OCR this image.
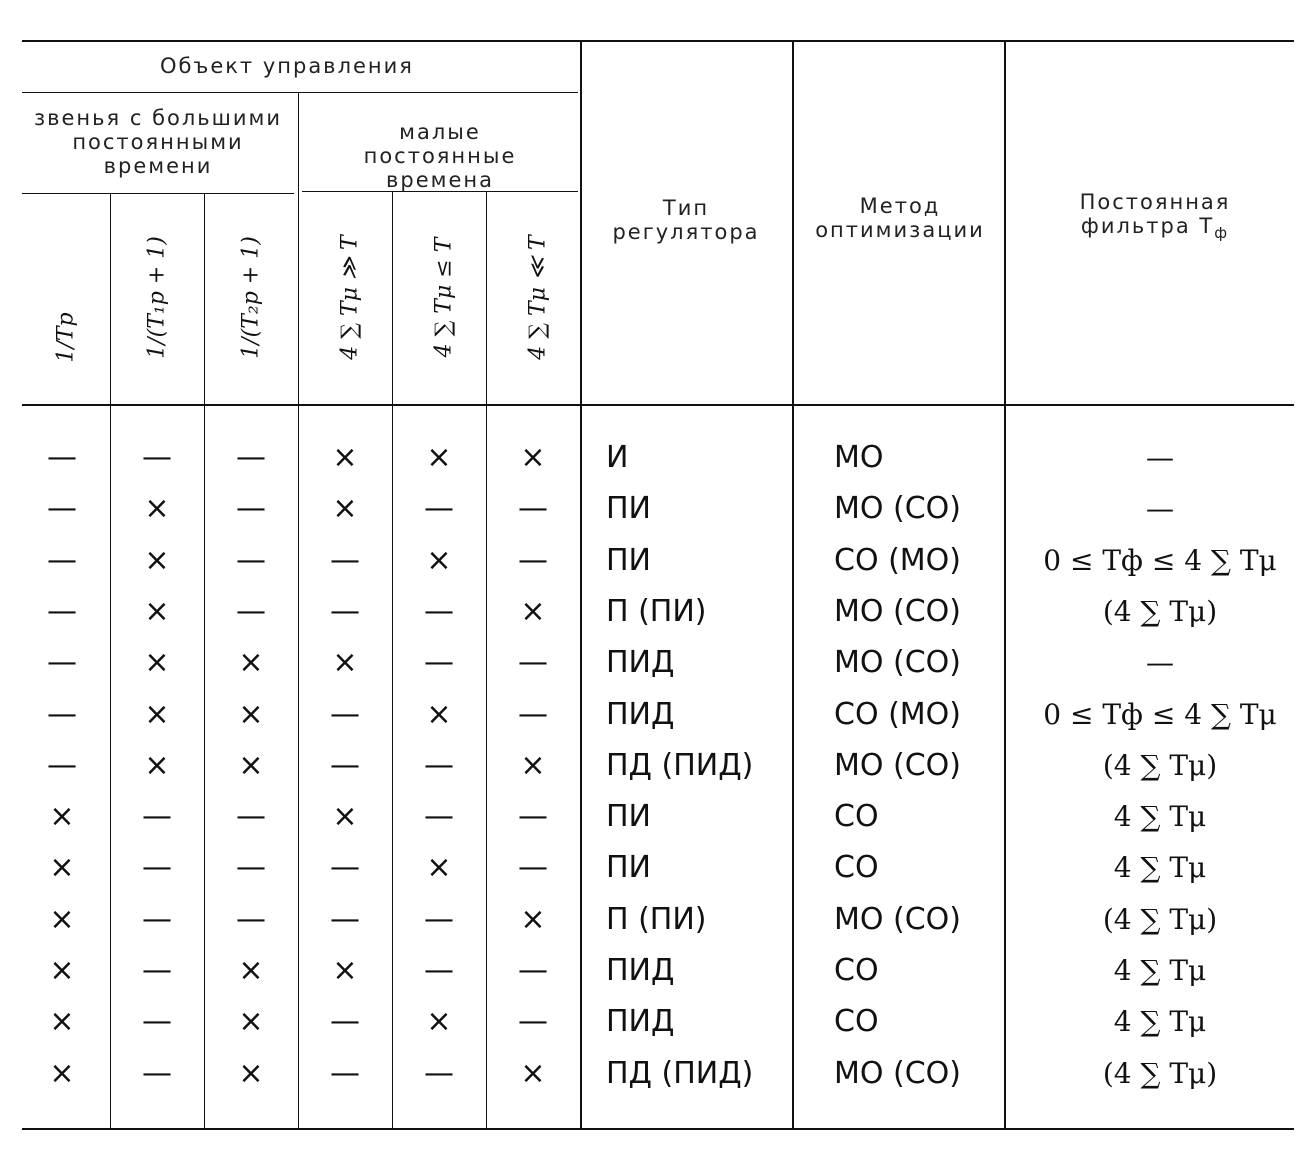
Объект управления
звенья с большими постоянными времени
малые постоянные времена
Тип регулятора
Метод оптимизации
Постоянная фильтра $T_ф$
1/Tp	1/(T₁p + 1)	1/(T₂p + 1)	4 ∑ Tμ ≫ T	4 ∑ Tμ ≤ T	4 ∑ Tμ ≪ T
—	—	—	×	×	×	И	МО	—
—	×	—	×	—	—	ПИ	МО (СО)	—
—	×	—	—	×	—	ПИ	СО (МО)	0 ≤ Tф ≤ 4 ∑ Tμ
—	×	—	—	—	×	П (ПИ)	МО (СО)	(4 ∑ Tμ)
—	×	×	×	—	—	ПИД	МО (СО)	—
—	×	×	—	×	—	ПИД	СО (МО)	0 ≤ Tф ≤ 4 ∑ Tμ
—	×	×	—	—	×	ПД (ПИД)	МО (СО)	(4 ∑ Tμ)
×	—	—	×	—	—	ПИ	СО	4 ∑ Tμ
×	—	—	—	×	—	ПИ	СО	4 ∑ Tμ
×	—	—	—	—	×	П (ПИ)	МО (СО)	(4 ∑ Tμ)
×	—	×	×	—	—	ПИД	СО	4 ∑ Tμ
×	—	×	—	×	—	ПИД	СО	4 ∑ Tμ
×	—	×	—	—	×	ПД (ПИД)	МО (СО)	(4 ∑ Tμ)
